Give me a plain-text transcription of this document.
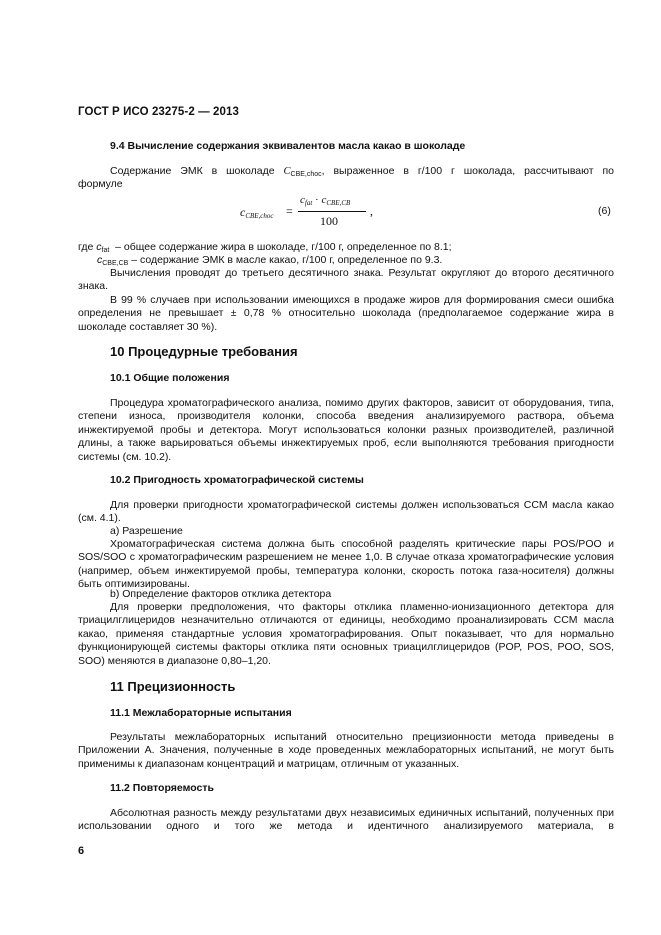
ГОСТ Р ИСО 23275-2 — 2013
9.4 Вычисление содержания эквивалентов масла какао в шоколаде
Содержание ЭМК в шоколаде $C_{CBE,choc}$, выраженное в г/100 г шоколада, рассчитывают по
формуле
$c_{CBE,choc}$ =
$c_{fat} \cdot c_{CBE,CB}$
100
,	(6)
где $c_{fat}$ – общее содержание жира в шоколаде, г/100 г, определенное по 8.1;
$c_{CBE,CB}$ – содержание ЭМК в масле какао, г/100 г, определенное по 9.3.
Вычисления проводят до третьего десятичного знака. Результат округляют до второго десятичного знака.
В 99 % случаев при использовании имеющихся в продаже жиров для формирования смеси ошибка определения не превышает ± 0,78 % относительно шоколада (предполагаемое содержание жира в шоколаде составляет 30 %).
10 Процедурные требования
10.1 Общие положения
Процедура хроматографического анализа, помимо других факторов, зависит от оборудования, типа, степени износа, производителя колонки, способа введения анализируемого раствора, объема инжектируемой пробы и детектора. Могут использоваться колонки разных производителей, различной длины, а также варьироваться объемы инжектируемых проб, если выполняются требования пригодности системы (см. 10.2).
10.2 Пригодность хроматографической системы
Для проверки пригодности хроматографической системы должен использоваться ССМ масла какао (см. 4.1).
а) Разрешение
Хроматографическая система должна быть способной разделять критические пары POS/POO и SOS/SOO с хроматографическим разрешением не менее 1,0. В случае отказа хроматографические условия (например, объем инжектируемой пробы, температура колонки, скорость потока газа-носителя) должны быть оптимизированы.
b) Определение факторов отклика детектора
Для проверки предположения, что факторы отклика пламенно-ионизационного детектора для триацилглицеридов незначительно отличаются от единицы, необходимо проанализировать ССМ масла какао, применяя стандартные условия хроматографирования. Опыт показывает, что для нормально функционирующей системы факторы отклика пяти основных триацилглицеридов (POP, POS, POO, SOS, SOO) меняются в диапазоне 0,80–1,20.
11 Прецизионность
11.1 Межлабораторные испытания
Результаты межлабораторных испытаний относительно прецизионности метода приведены в Приложении А. Значения, полученные в ходе проведенных межлабораторных испытаний, не могут быть применимы к диапазонам концентраций и матрицам, отличным от указанных.
11.2 Повторяемость
Абсолютная разность между результатами двух независимых единичных испытаний, полученных при использовании одного и того же метода и идентичного анализируемого материала, в
6
